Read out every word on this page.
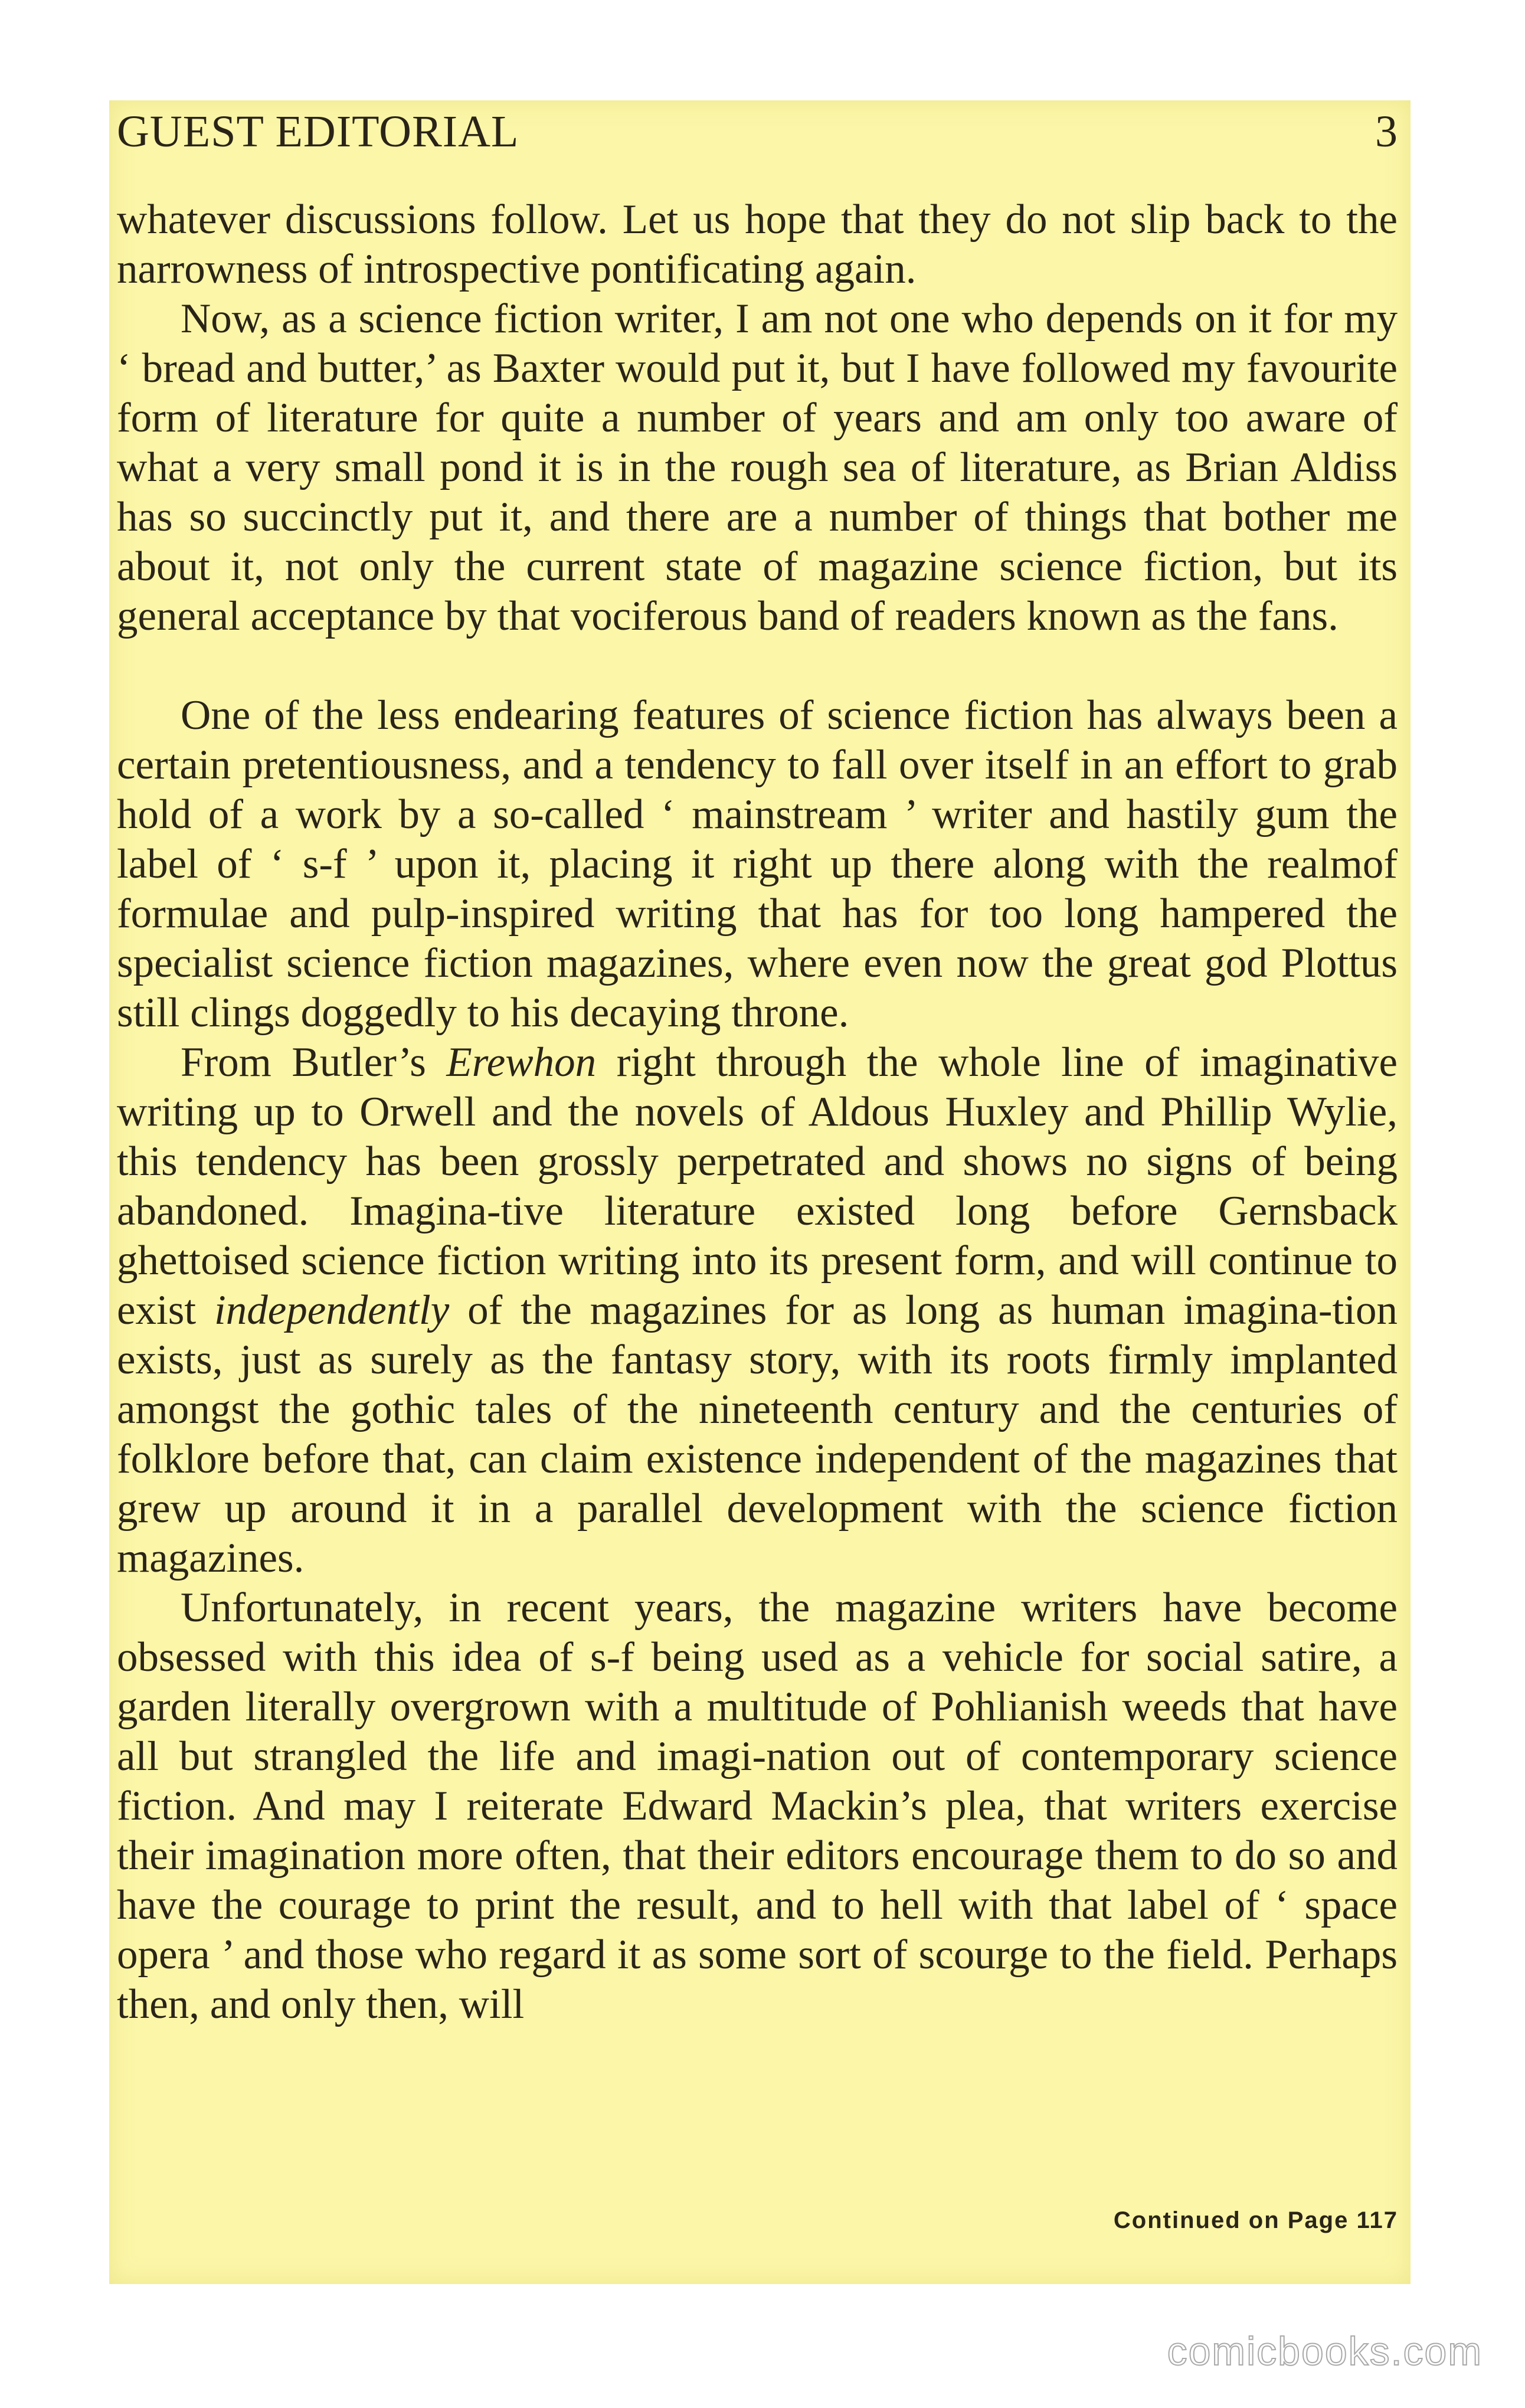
GUEST EDITORIAL	3

whatever discussions follow. Let us hope that they do not slip back to the narrowness of introspective pontificating again.

Now, as a science fiction writer, I am not one who depends on it for my ‘ bread and butter,’ as Baxter would put it, but I have followed my favourite form of literature for quite a number of years and am only too aware of what a very small pond it is in the rough sea of literature, as Brian Aldiss has so succinctly put it, and there are a number of things that bother me about it, not only the current state of magazine science fiction, but its general acceptance by that vociferous band of readers known as the fans.

One of the less endearing features of science fiction has always been a certain pretentiousness, and a tendency to fall over itself in an effort to grab hold of a work by a so-called ‘ mainstream ’ writer and hastily gum the label of ‘ s-f ’ upon it, placing it right up there along with the realmof formulae and pulp-inspired writing that has for too long hampered the specialist science fiction magazines, where even now the great god Plottus still clings doggedly to his decaying throne.

From Butler’s Erewhon right through the whole line of imaginative writing up to Orwell and the novels of Aldous Huxley and Phillip Wylie, this tendency has been grossly perpetrated and shows no signs of being abandoned. Imagina-tive literature existed long before Gernsback ghettoised science fiction writing into its present form, and will continue to exist independently of the magazines for as long as human imagina-tion exists, just as surely as the fantasy story, with its roots firmly implanted amongst the gothic tales of the nineteenth century and the centuries of folklore before that, can claim existence independent of the magazines that grew up around it in a parallel development with the science fiction magazines.

Unfortunately, in recent years, the magazine writers have become obsessed with this idea of s-f being used as a vehicle for social satire, a garden literally overgrown with a multitude of Pohlianish weeds that have all but strangled the life and imagi-nation out of contemporary science fiction. And may I reiterate Edward Mackin’s plea, that writers exercise their imagination more often, that their editors encourage them to do so and have the courage to print the result, and to hell with that label of ‘ space opera ’ and those who regard it as some sort of scourge to the field. Perhaps then, and only then, will

Continued on Page 117
comicbooks.com
